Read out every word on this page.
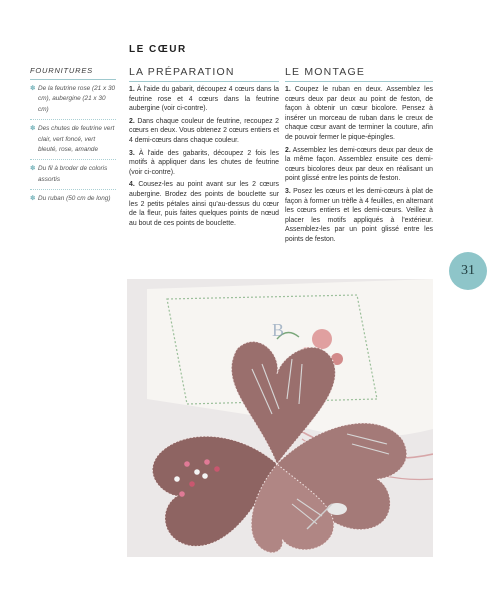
LE CŒUR
FOURNITURES
✽ De la feutrine rose (21 x 30 cm), aubergine (21 x 30 cm)
✽ Des chutes de feutrine vert clair, vert foncé, vert bleuté, rose, amande
✽ Du fil à broder de coloris assortis
✽ Du ruban (50 cm de long)
LA PRÉPARATION

1. À l'aide du gabarit, découpez 4 cœurs dans la feutrine rose et 4 cœurs dans la feutrine aubergine (voir ci-contre).

2. Dans chaque couleur de feutrine, recoupez 2 cœurs en deux. Vous obtenez 2 cœurs entiers et 4 demi-cœurs dans chaque couleur.

3. À l'aide des gabarits, découpez 2 fois les motifs à appliquer dans les chutes de feutrine (voir ci-contre).

4. Cousez-les au point avant sur les 2 cœurs aubergine. Brodez des points de bouclette sur les 2 petits pétales ainsi qu'au-dessus du cœur de la fleur, puis faites quelques points de nœud au bout de ces points de bouclette.

LE MONTAGE

1. Coupez le ruban en deux. Assemblez les cœurs deux par deux au point de feston, de façon à obtenir un cœur bicolore. Pensez à insérer un morceau de ruban dans le creux de chaque cœur avant de terminer la couture, afin de pouvoir fermer le pique-épingles.

2. Assemblez les demi-cœurs deux par deux de la même façon. Assemblez ensuite ces demi-cœurs bicolores deux par deux en réalisant un point glissé entre les points de feston.

3. Posez les cœurs et les demi-cœurs à plat de façon à former un trèfle à 4 feuilles, en alternant les cœurs entiers et les demi-cœurs. Veillez à placer les motifs appliqués à l'extérieur. Assemblez-les par un point glissé entre les points de feston.

31
B
